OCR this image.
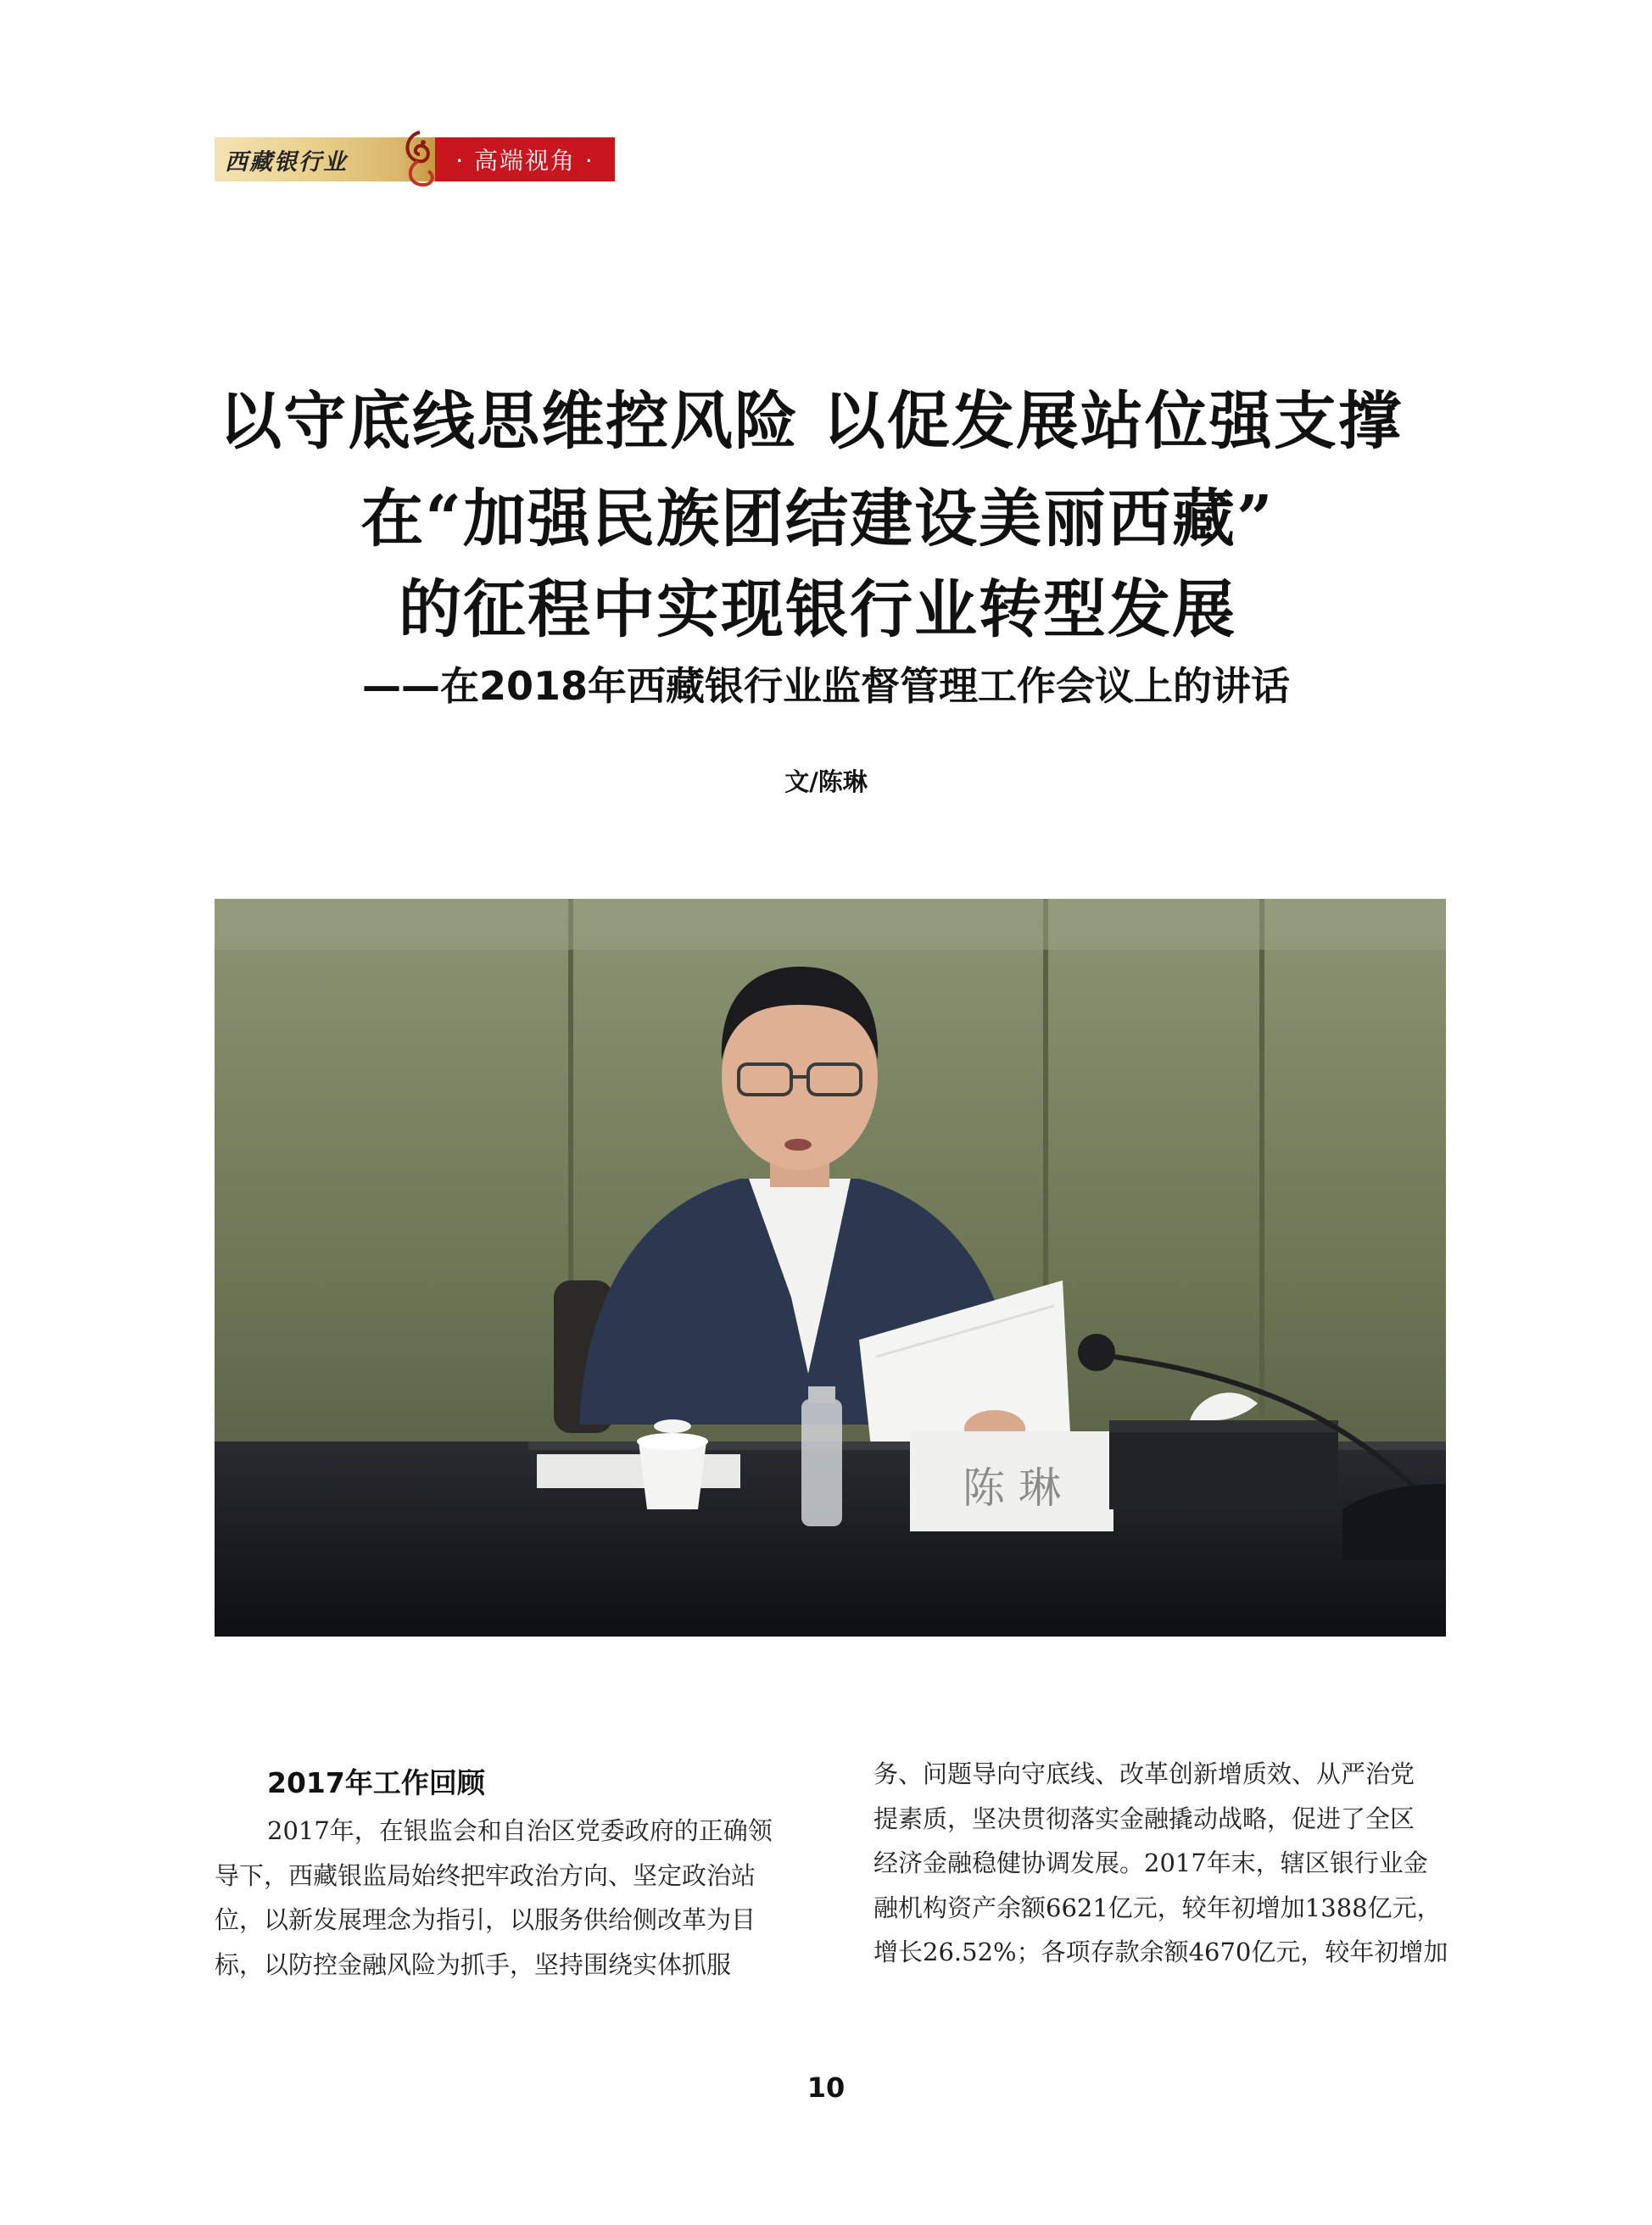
西藏银行业	· 高端视角 ·
以守底线思维控风险 以促发展站位强支撑
在“加强民族团结建设美丽西藏”
的征程中实现银行业转型发展
——在2018年西藏银行业监督管理工作会议上的讲话
文/陈琳
陈 琳
2017年工作回顾

2017年，在银监会和自治区党委政府的正确领

导下，西藏银监局始终把牢政治方向、坚定政治站

位，以新发展理念为指引，以服务供给侧改革为目

标，以防控金融风险为抓手，坚持围绕实体抓服

务、问题导向守底线、改革创新增质效、从严治党

提素质，坚决贯彻落实金融撬动战略，促进了全区

经济金融稳健协调发展。2017年末，辖区银行业金

融机构资产余额6621亿元，较年初增加1388亿元，

增长26.52%；各项存款余额4670亿元，较年初增加

10
